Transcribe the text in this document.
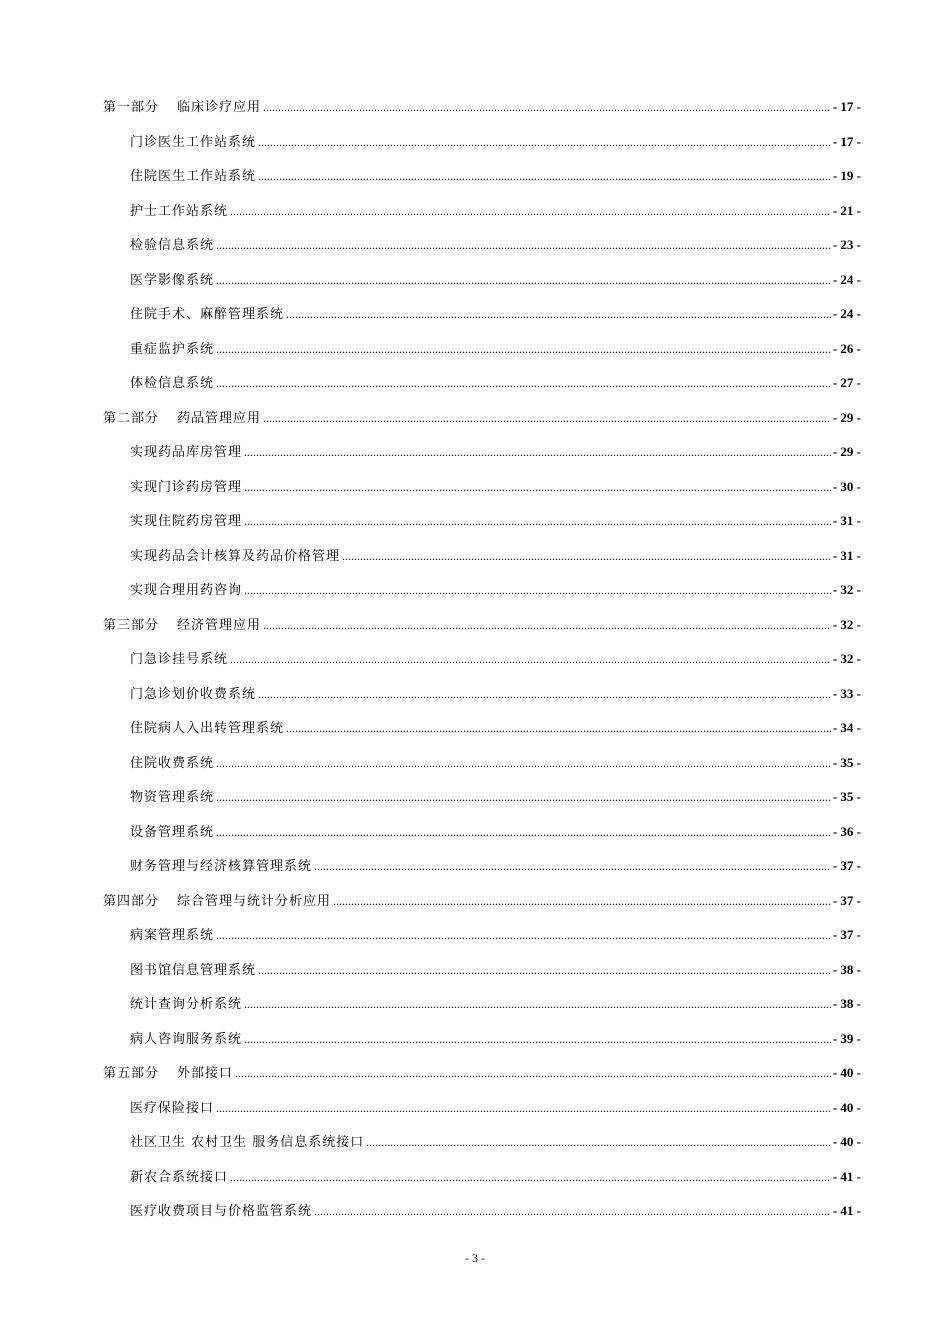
第一部分 临床诊疗应用 .....	- 17 -
门诊医生工作站系统 .....	- 17 -
住院医生工作站系统 .....	- 19 -
护士工作站系统 .....	- 21 -
检验信息系统 .....	- 23 -
医学影像系统 .....	- 24 -
住院手术、麻醉管理系统 .....	- 24 -
重症监护系统 .....	- 26 -
体检信息系统 .....	- 27 -
第二部分 药品管理应用 .....	- 29 -
实现药品库房管理 .....	- 29 -
实现门诊药房管理 .....	- 30 -
实现住院药房管理 .....	- 31 -
实现药品会计核算及药品价格管理 .....	- 31 -
实现合理用药咨询 .....	- 32 -
第三部分 经济管理应用 .....	- 32 -
门急诊挂号系统 .....	- 32 -
门急诊划价收费系统 .....	- 33 -
住院病人入出转管理系统 .....	- 34 -
住院收费系统 .....	- 35 -
物资管理系统 .....	- 35 -
设备管理系统 .....	- 36 -
财务管理与经济核算管理系统 .....	- 37 -
第四部分 综合管理与统计分析应用 .....	- 37 -
病案管理系统 .....	- 37 -
图书馆信息管理系统 .....	- 38 -
统计查询分析系统 .....	- 38 -
病人咨询服务系统 .....	- 39 -
第五部分 外部接口 .....	- 40 -
医疗保险接口 .....	- 40 -
社区卫生 农村卫生 服务信息系统接口 .....	- 40 -
新农合系统接口 .....	- 41 -
医疗收费项目与价格监管系统 .....	- 41 -
- 3 -
